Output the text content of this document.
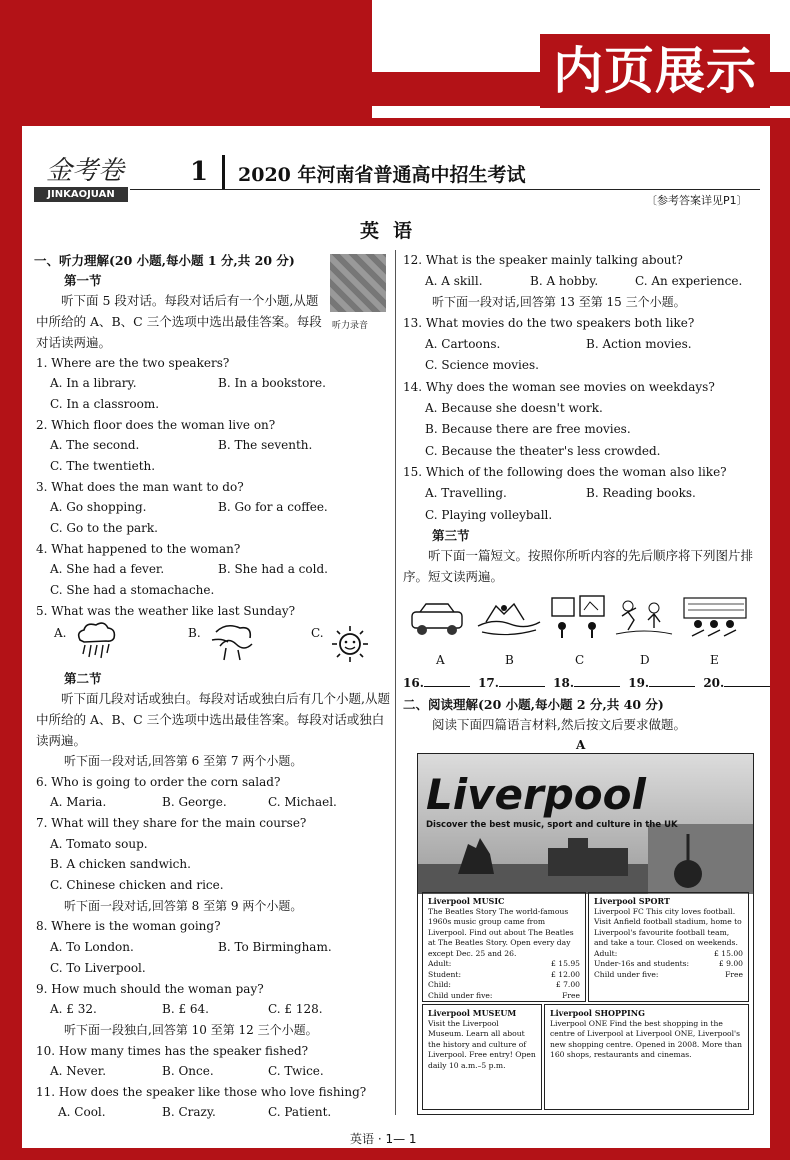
内页展示
金考卷
JINKAOJUAN
1 2020 年河南省普通高中招生考试
〔参考答案详见P1〕
英语
一、听力理解(20 小题,每小题 1 分,共 20 分)
第一节
听下面 5 段对话。每段对话后有一个小题,从题中所给的 A、B、C 三个选项中选出最佳答案。每段对话读两遍。
听力录音
1. Where are the two speakers?
A. In a library.	B. In a bookstore.
C. In a classroom.
2. Which floor does the woman live on?
A. The second.	B. The seventh.
C. The twentieth.
3. What does the man want to do?
A. Go shopping.	B. Go for a coffee.
C. Go to the park.
4. What happened to the woman?
A. She had a fever.	B. She had a cold.
C. She had a stomachache.
5. What was the weather like last Sunday?
A.	B.	C.
第二节
听下面几段对话或独白。每段对话或独白后有几个小题,从题中所给的 A、B、C 三个选项中选出最佳答案。每段对话或独白读两遍。
听下面一段对话,回答第 6 至第 7 两个小题。
6. Who is going to order the corn salad?
A. Maria.	B. George.	C. Michael.
7. What will they share for the main course?
A. Tomato soup.
B. A chicken sandwich.
C. Chinese chicken and rice.
听下面一段对话,回答第 8 至第 9 两个小题。
8. Where is the woman going?
A. To London.	B. To Birmingham.
C. To Liverpool.
9. How much should the woman pay?
A. £ 32.	B. £ 64.	C. £ 128.
听下面一段独白,回答第 10 至第 12 三个小题。
10. How many times has the speaker fished?
A. Never.	B. Once.	C. Twice.
11. How does the speaker like those who love fishing?
A. Cool.	B. Crazy.	C. Patient.
12. What is the speaker mainly talking about?
A. A skill.	B. A hobby.	C. An experience.
听下面一段对话,回答第 13 至第 15 三个小题。
13. What movies do the two speakers both like?
A. Cartoons.	B. Action movies.
C. Science movies.
14. Why does the woman see movies on weekdays?
A. Because she doesn't work.
B. Because there are free movies.
C. Because the theater's less crowded.
15. Which of the following does the woman also like?
A. Travelling.	B. Reading books.
C. Playing volleyball.
第三节
听下面一篇短文。按照你所听内容的先后顺序将下列图片排序。短文读两遍。
A	B	C	D	E
16.	17.	18.	19.	20.
二、阅读理解(20 小题,每小题 2 分,共 40 分)
阅读下面四篇语言材料,然后按文后要求做题。
A
Liverpool
Discover the best music, sport and culture in the UK
Liverpool MUSIC
The Beatles Story The world-famous 1960s music group came from Liverpool. Find out about The Beatles at The Beatles Story. Open every day except Dec. 25 and 26.
Adult:	£ 15.95
Student:	£ 12.00
Child:	£ 7.00
Child under five:	Free
Liverpool SPORT
Liverpool FC This city loves football. Visit Anfield football stadium, home to Liverpool's favourite football team, and take a tour. Closed on weekends.
Adult:	£ 15.00
Under-16s and students:	£ 9.00
Child under five:	Free
Liverpool MUSEUM
Visit the Liverpool Museum. Learn all about the history and culture of Liverpool. Free entry! Open daily 10 a.m.–5 p.m.
Liverpool SHOPPING
Liverpool ONE Find the best shopping in the centre of Liverpool at Liverpool ONE, Liverpool's new shopping centre. Opened in 2008. More than 160 shops, restaurants and cinemas.
英语 · 1— 1
